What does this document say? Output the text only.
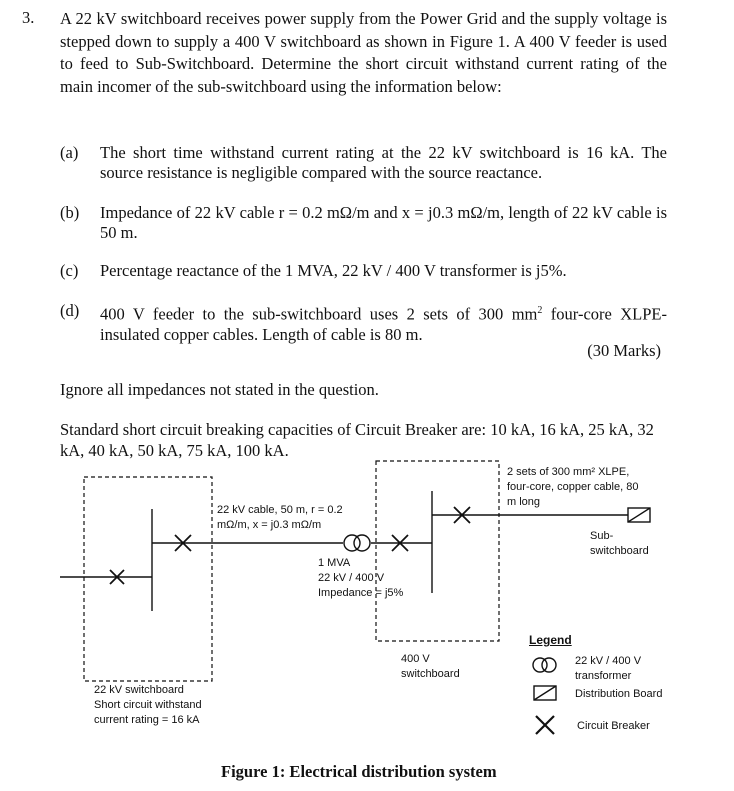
3. A 22 kV switchboard receives power supply from the Power Grid and the supply voltage is stepped down to supply a 400 V switchboard as shown in Figure 1. A 400 V feeder is used to feed to Sub-Switchboard. Determine the short circuit withstand current rating of the main incomer of the sub-switchboard using the information below:
(a) The short time withstand current rating at the 22 kV switchboard is 16 kA. The source resistance is negligible compared with the source reactance.
(b) Impedance of 22 kV cable r = 0.2 mΩ/m and x = j0.3 mΩ/m, length of 22 kV cable is 50 m.
(c) Percentage reactance of the 1 MVA, 22 kV / 400 V transformer is j5%.
(d) 400 V feeder to the sub-switchboard uses 2 sets of 300 $mm^2$ four-core XLPE-insulated copper cables. Length of cable is 80 m.
(30 Marks)
Ignore all impedances not stated in the question.
Standard short circuit breaking capacities of Circuit Breaker are: 10 kA, 16 kA, 25 kA, 32 kA, 40 kA, 50 kA, 75 kA, 100 kA.
22 kV cable, 50 m, r = 0.2 mΩ/m, x = j0.3 mΩ/m
1 MVA
22 kV / 400 V
Impedance = j5%
2 sets of 300 mm² XLPE, four-core, copper cable, 80 m long
Sub-switchboard
400 V switchboard
22 kV switchboard
Short circuit withstand current rating = 16 kA
Legend
22 kV / 400 V transformer
Distribution Board
Circuit Breaker
Figure 1: Electrical distribution system
